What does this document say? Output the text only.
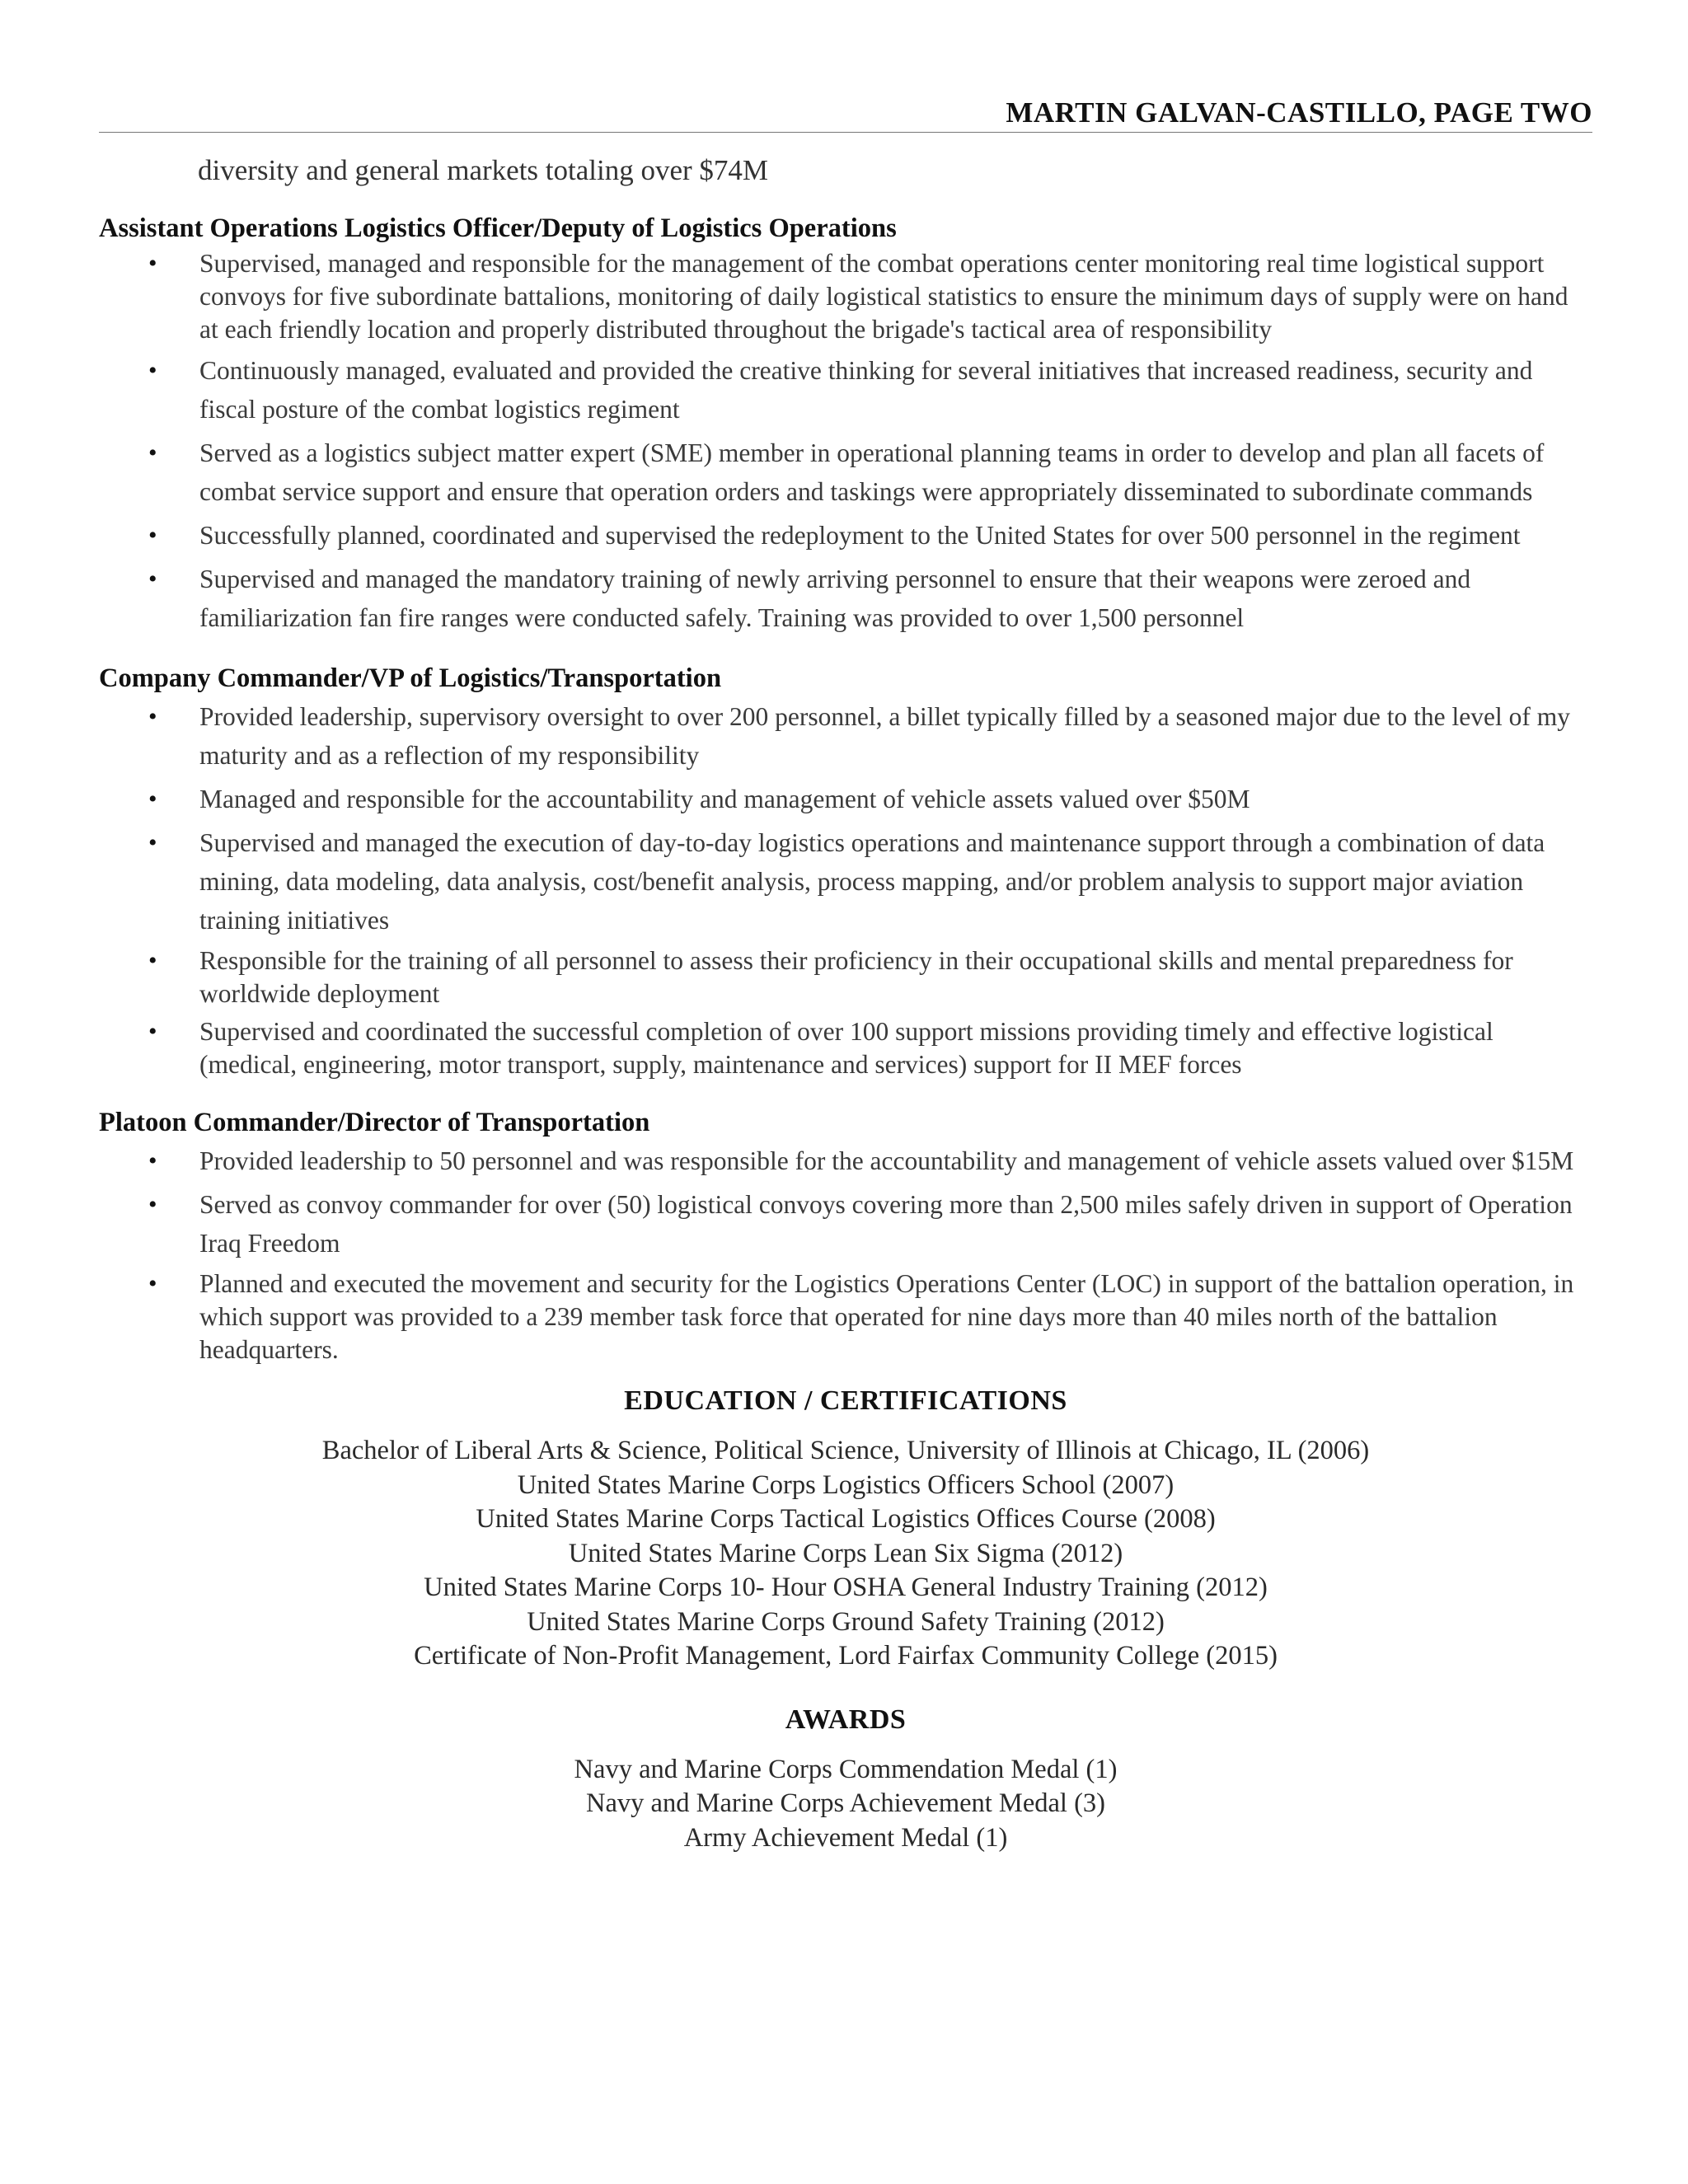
MARTIN GALVAN-CASTILLO, PAGE TWO
diversity and general markets totaling over $74M
Assistant Operations Logistics Officer/Deputy of Logistics Operations
• Supervised, managed and responsible for the management of the combat operations center monitoring real time logistical support convoys for five subordinate battalions, monitoring of daily logistical statistics to ensure the minimum days of supply were on hand at each friendly location and properly distributed throughout the brigade's tactical area of responsibility
• Continuously managed, evaluated and provided the creative thinking for several initiatives that increased readiness, security and fiscal posture of the combat logistics regiment
• Served as a logistics subject matter expert (SME) member in operational planning teams in order to develop and plan all facets of combat service support and ensure that operation orders and taskings were appropriately disseminated to subordinate commands
• Successfully planned, coordinated and supervised the redeployment to the United States for over 500 personnel in the regiment
• Supervised and managed the mandatory training of newly arriving personnel to ensure that their weapons were zeroed and familiarization fan fire ranges were conducted safely. Training was provided to over 1,500 personnel
Company Commander/VP of Logistics/Transportation
• Provided leadership, supervisory oversight to over 200 personnel, a billet typically filled by a seasoned major due to the level of my maturity and as a reflection of my responsibility
• Managed and responsible for the accountability and management of vehicle assets valued over $50M
• Supervised and managed the execution of day-to-day logistics operations and maintenance support through a combination of data mining, data modeling, data analysis, cost/benefit analysis, process mapping, and/or problem analysis to support major aviation training initiatives
• Responsible for the training of all personnel to assess their proficiency in their occupational skills and mental preparedness for worldwide deployment
• Supervised and coordinated the successful completion of over 100 support missions providing timely and effective logistical (medical, engineering, motor transport, supply, maintenance and services) support for II MEF forces
Platoon Commander/Director of Transportation
• Provided leadership to 50 personnel and was responsible for the accountability and management of vehicle assets valued over $15M
• Served as convoy commander for over (50) logistical convoys covering more than 2,500 miles safely driven in support of Operation Iraq Freedom
• Planned and executed the movement and security for the Logistics Operations Center (LOC) in support of the battalion operation, in which support was provided to a 239 member task force that operated for nine days more than 40 miles north of the battalion headquarters.
EDUCATION / CERTIFICATIONS
Bachelor of Liberal Arts & Science, Political Science, University of Illinois at Chicago, IL (2006)
United States Marine Corps Logistics Officers School (2007)
United States Marine Corps Tactical Logistics Offices Course (2008)
United States Marine Corps Lean Six Sigma (2012)
United States Marine Corps 10- Hour OSHA General Industry Training (2012)
United States Marine Corps Ground Safety Training (2012)
Certificate of Non-Profit Management, Lord Fairfax Community College (2015)
AWARDS
Navy and Marine Corps Commendation Medal (1)
Navy and Marine Corps Achievement Medal (3)
Army Achievement Medal (1)
